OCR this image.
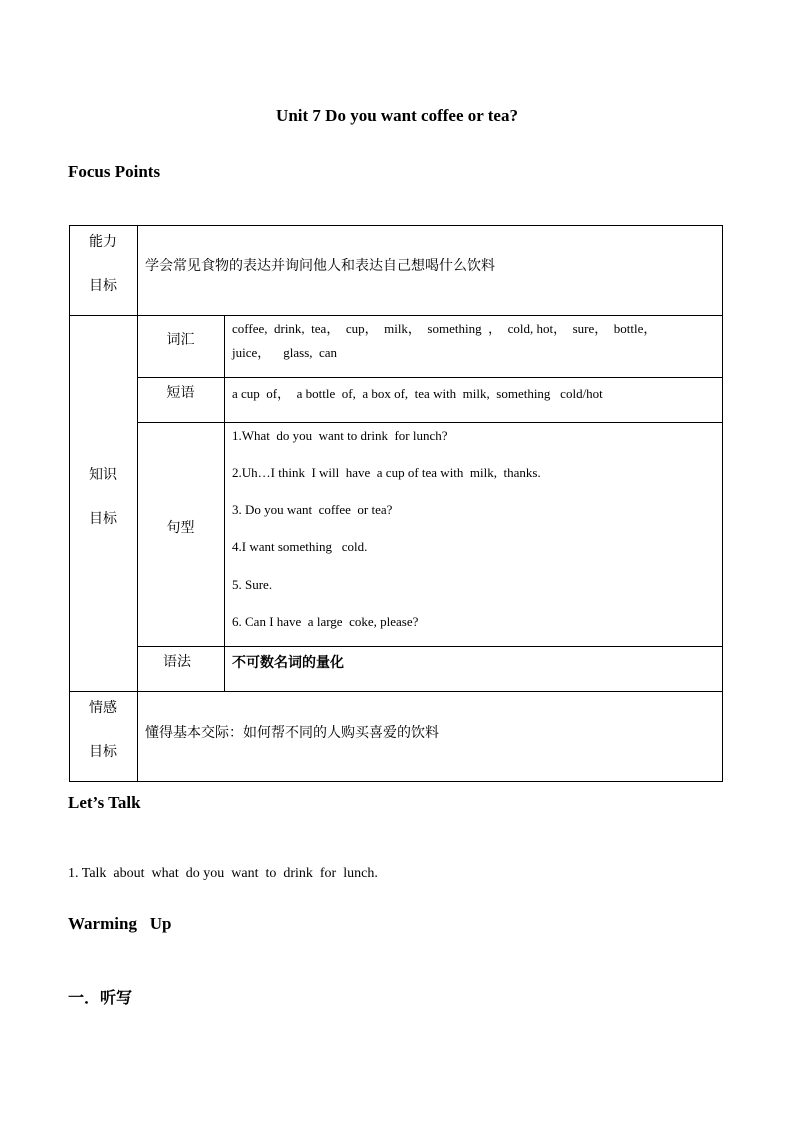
Unit 7 Do you want coffee or tea?
Focus Points
能力
目标
学会常见食物的表达并询问他人和表达自己想喝什么饮料
知识
目标
词汇
coffee,  drink,  tea，  cup，  milk，  something  ，  cold, hot，  sure，  bottle，
juice，    glass,  can
短语	a cup  of，  a bottle  of,  a box of,  tea with  milk,  something   cold/hot
句型
1.What  do you  want to drink  for lunch?
2.Uh…I think  I will  have  a cup of tea with  milk,  thanks.
3. Do you want  coffee  or tea?
4.I want something   cold.
5. Sure.
6. Can I have  a large  coke, please?
语法	不可数名词的量化
情感
目标
懂得基本交际：如何帮不同的人购买喜爱的饮料
Let’s Talk
1. Talk  about  what  do you  want  to  drink  for  lunch.
Warming   Up
一．听写
